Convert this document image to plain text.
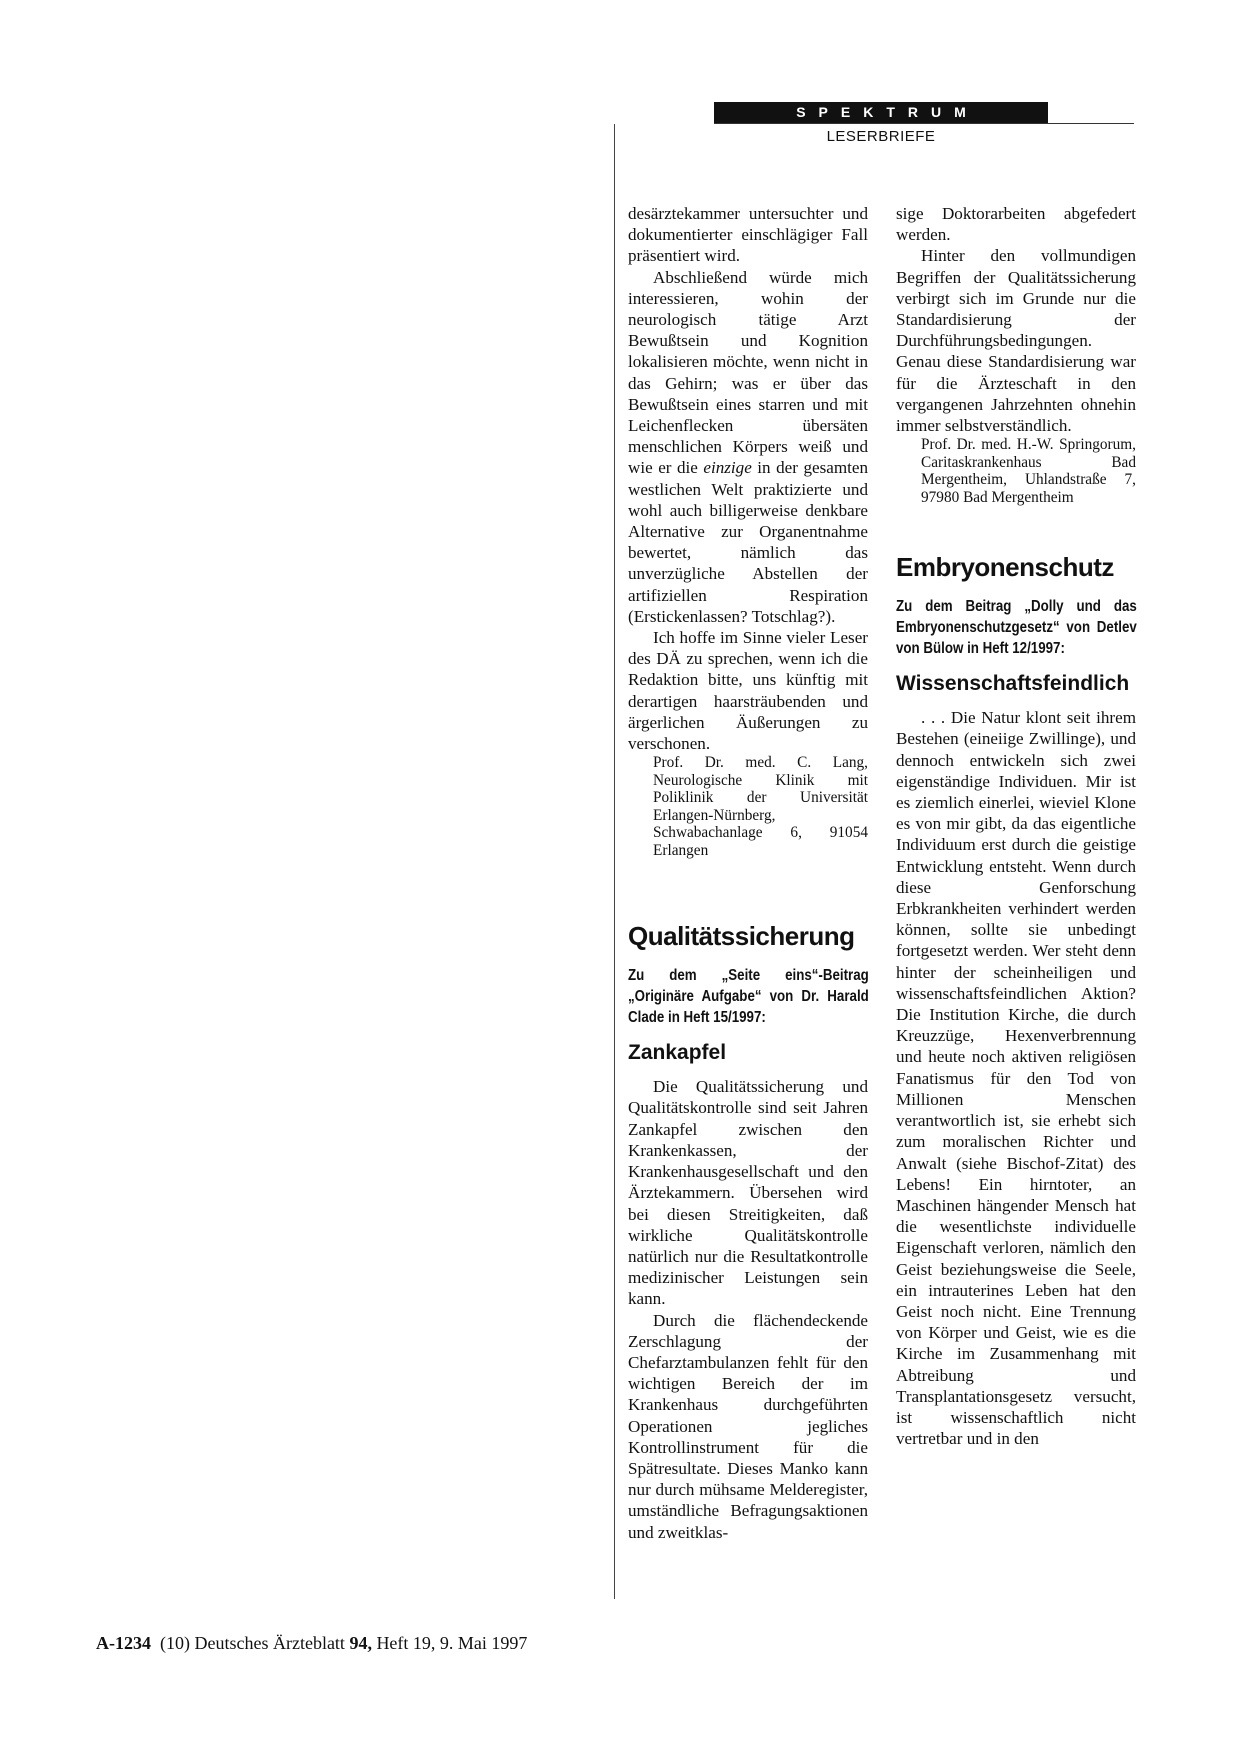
SPEKTRUM
LESERBRIEFE

desärztekammer untersuchter und dokumentierter einschlägiger Fall präsentiert wird.

Abschließend würde mich interessieren, wohin der neurologisch tätige Arzt Bewußtsein und Kognition lokalisieren möchte, wenn nicht in das Gehirn; was er über das Bewußtsein eines starren und mit Leichenflecken übersäten menschlichen Körpers weiß und wie er die einzige in der gesamten westlichen Welt praktizierte und wohl auch billigerweise denkbare Alternative zur Organentnahme bewertet, nämlich das unverzügliche Abstellen der artifiziellen Respiration (Erstickenlassen? Totschlag?).

Ich hoffe im Sinne vieler Leser des DÄ zu sprechen, wenn ich die Redaktion bitte, uns künftig mit derartigen haarsträubenden und ärgerlichen Äußerungen zu verschonen.

Prof. Dr. med. C. Lang, Neurologische Klinik mit Poliklinik der Universität Erlangen-Nürnberg, Schwabachanlage 6, 91054 Erlangen

Qualitätssicherung

Zu dem „Seite eins“-Beitrag „Originäre Aufgabe“ von Dr. Harald Clade in Heft 15/1997:

Zankapfel

Die Qualitätssicherung und Qualitätskontrolle sind seit Jahren Zankapfel zwischen den Krankenkassen, der Krankenhausgesellschaft und den Ärztekammern. Übersehen wird bei diesen Streitigkeiten, daß wirkliche Qualitätskontrolle natürlich nur die Resultatkontrolle medizinischer Leistungen sein kann.

Durch die flächendeckende Zerschlagung der Chefarztambulanzen fehlt für den wichtigen Bereich der im Krankenhaus durchgeführten Operationen jegliches Kontrollinstrument für die Spätresultate. Dieses Manko kann nur durch mühsame Melderegister, umständliche Befragungsaktionen und zweitklas-

sige Doktorarbeiten abgefedert werden.

Hinter den vollmundigen Begriffen der Qualitätssicherung verbirgt sich im Grunde nur die Standardisierung der Durchführungsbedingungen. Genau diese Standardisierung war für die Ärzteschaft in den vergangenen Jahrzehnten ohnehin immer selbstverständlich.

Prof. Dr. med. H.-W. Springorum, Caritaskrankenhaus Bad Mergentheim, Uhlandstraße 7, 97980 Bad Mergentheim

Embryonenschutz

Zu dem Beitrag „Dolly und das Embryonenschutzgesetz“ von Detlev von Bülow in Heft 12/1997:

Wissenschaftsfeindlich

. . . Die Natur klont seit ihrem Bestehen (eineiige Zwillinge), und dennoch entwickeln sich zwei eigenständige Individuen. Mir ist es ziemlich einerlei, wieviel Klone es von mir gibt, da das eigentliche Individuum erst durch die geistige Entwicklung entsteht. Wenn durch diese Genforschung Erbkrankheiten verhindert werden können, sollte sie unbedingt fortgesetzt werden. Wer steht denn hinter der scheinheiligen und wissenschaftsfeindlichen Aktion? Die Institution Kirche, die durch Kreuzzüge, Hexenverbrennung und heute noch aktiven religiösen Fanatismus für den Tod von Millionen Menschen verantwortlich ist, sie erhebt sich zum moralischen Richter und Anwalt (siehe Bischof-Zitat) des Lebens! Ein hirntoter, an Maschinen hängender Mensch hat die wesentlichste individuelle Eigenschaft verloren, nämlich den Geist beziehungsweise die Seele, ein intrauterines Leben hat den Geist noch nicht. Eine Trennung von Körper und Geist, wie es die Kirche im Zusammenhang mit Abtreibung und Transplantationsgesetz versucht, ist wissenschaftlich nicht vertretbar und in den

A-1234 (10) Deutsches Ärzteblatt 94, Heft 19, 9. Mai 1997
